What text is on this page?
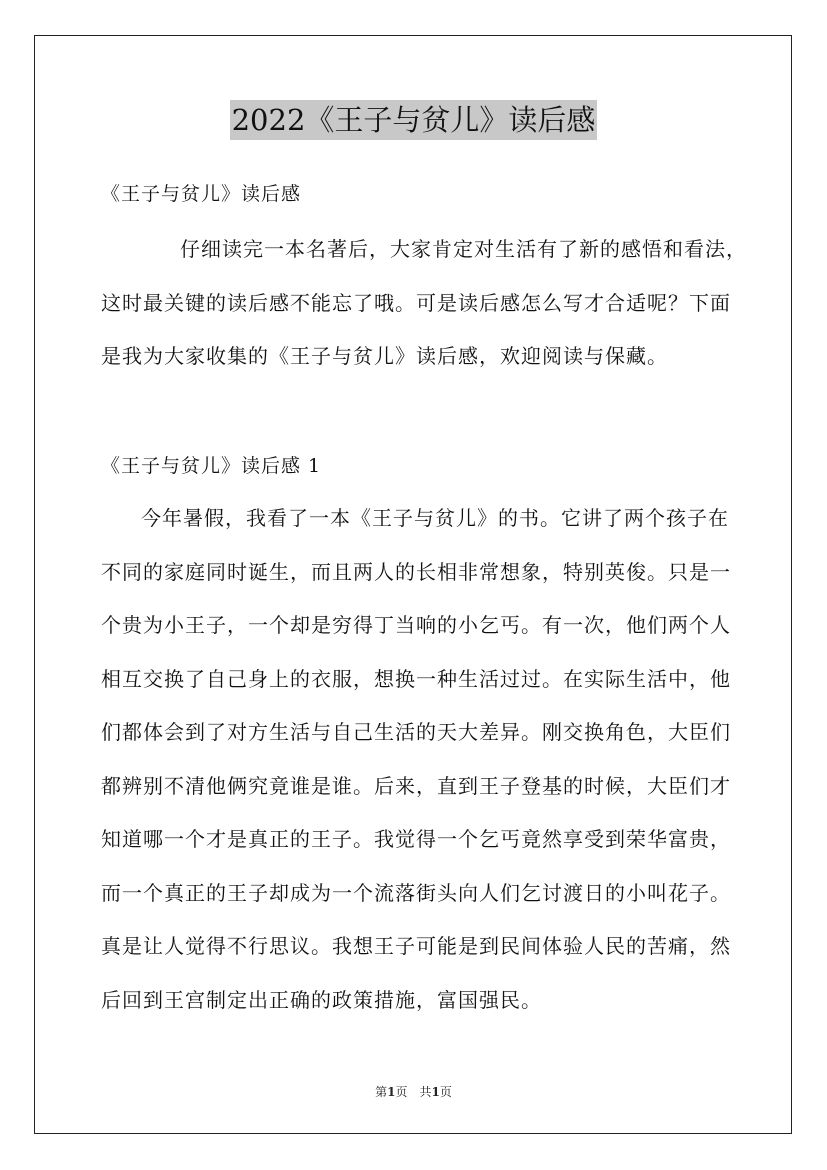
2022《王子与贫儿》读后感
《王子与贫儿》读后感

仔细读完一本名著后，大家肯定对生活有了新的感悟和看法，
这时最关键的读后感不能忘了哦。可是读后感怎么写才合适呢？下面
是我为大家收集的《王子与贫儿》读后感，欢迎阅读与保藏。

《王子与贫儿》读后感 1

今年暑假，我看了一本《王子与贫儿》的书。它讲了两个孩子在
不同的家庭同时诞生，而且两人的长相非常想象，特别英俊。只是一
个贵为小王子，一个却是穷得丁当响的小乞丐。有一次，他们两个人
相互交换了自己身上的衣服，想换一种生活过过。在实际生活中，他
们都体会到了对方生活与自己生活的天大差异。刚交换角色，大臣们
都辨别不清他俩究竟谁是谁。后来，直到王子登基的时候，大臣们才
知道哪一个才是真正的王子。我觉得一个乞丐竟然享受到荣华富贵，
而一个真正的王子却成为一个流落街头向人们乞讨渡日的小叫花子。
真是让人觉得不行思议。我想王子可能是到民间体验人民的苦痛，然
后回到王宫制定出正确的政策措施，富国强民。

第1页　共1页
